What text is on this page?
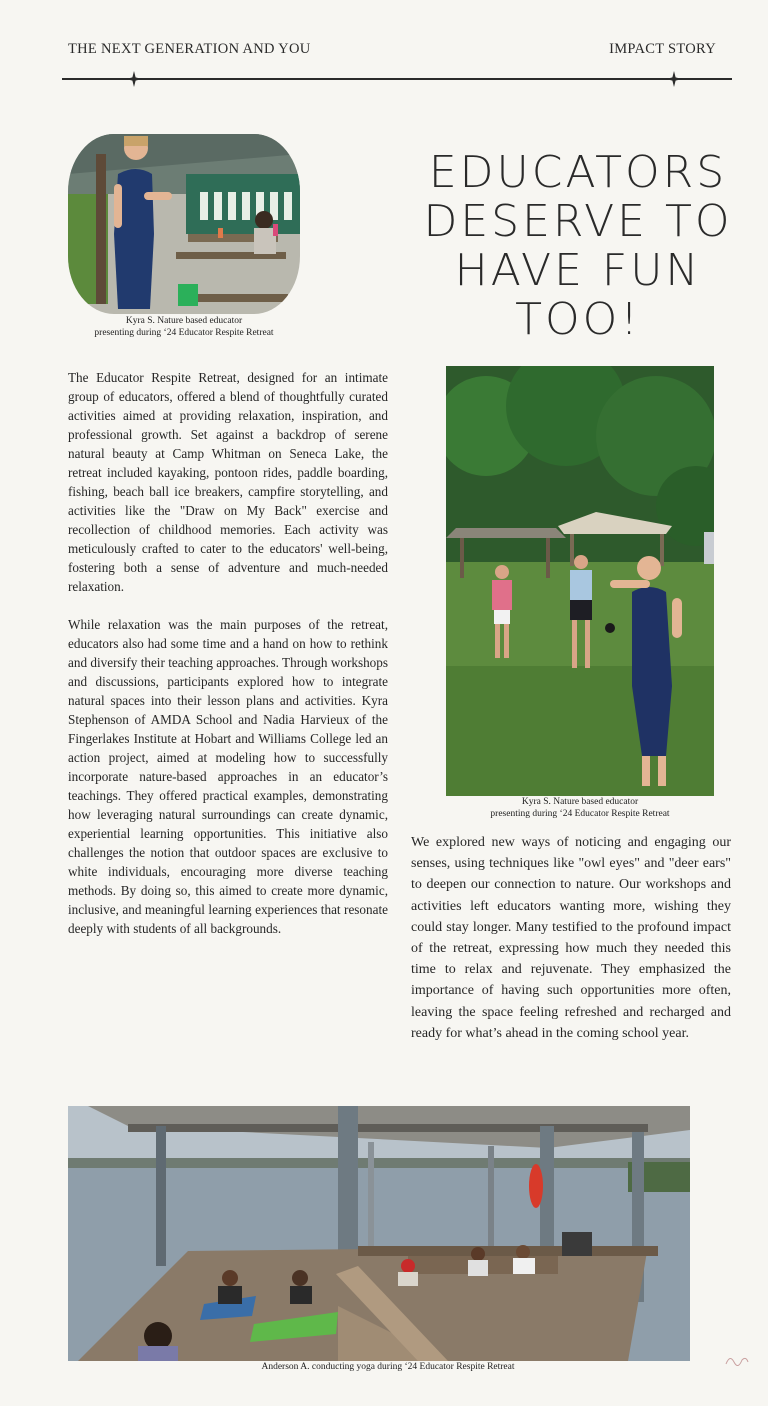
THE NEXT GENERATION AND YOU	IMPACT STORY
Kyra S. Nature based educator
presenting during ‘24 Educator Respite Retreat
EDUCATORS DESERVE TO HAVE FUN TOO!

The Educator Respite Retreat, designed for an intimate group of educators, offered a blend of thoughtfully curated activities aimed at providing relaxation, inspiration, and professional growth. Set against a backdrop of serene natural beauty at Camp Whitman on Seneca Lake, the retreat included kayaking, pontoon rides, paddle boarding, fishing, beach ball ice breakers, campfire storytelling, and activities like the "Draw on My Back" exercise and recollection of childhood memories. Each activity was meticulously crafted to cater to the educators' well-being, fostering both a sense of adventure and much-needed relaxation.

While relaxation was the main purposes of the retreat, educators also had some time and a hand on how to rethink and diversify their teaching approaches. Through workshops and discussions, participants explored how to integrate natural spaces into their lesson plans and activities. Kyra Stephenson of AMDA School and Nadia Harvieux of the Fingerlakes Institute at Hobart and Williams College led an action project, aimed at modeling how to successfully incorporate nature-based approaches in an educator’s teachings. They offered practical examples, demonstrating how leveraging natural surroundings can create dynamic, experiential learning opportunities. This initiative also challenges the notion that outdoor spaces are exclusive to white individuals, encouraging more diverse teaching methods. By doing so, this aimed to create more dynamic, inclusive, and meaningful learning experiences that resonate deeply with students of all backgrounds.

Kyra S. Nature based educator
presenting during ‘24 Educator Respite Retreat

We explored new ways of noticing and engaging our senses, using techniques like "owl eyes" and "deer ears" to deepen our connection to nature. Our workshops and activities left educators wanting more, wishing they could stay longer. Many testified to the profound impact of the retreat, expressing how much they needed this time to relax and rejuvenate. They emphasized the importance of having such opportunities more often, leaving the space feeling refreshed and recharged and ready for what’s ahead in the coming school year.

Anderson A. conducting yoga during ‘24 Educator Respite Retreat
